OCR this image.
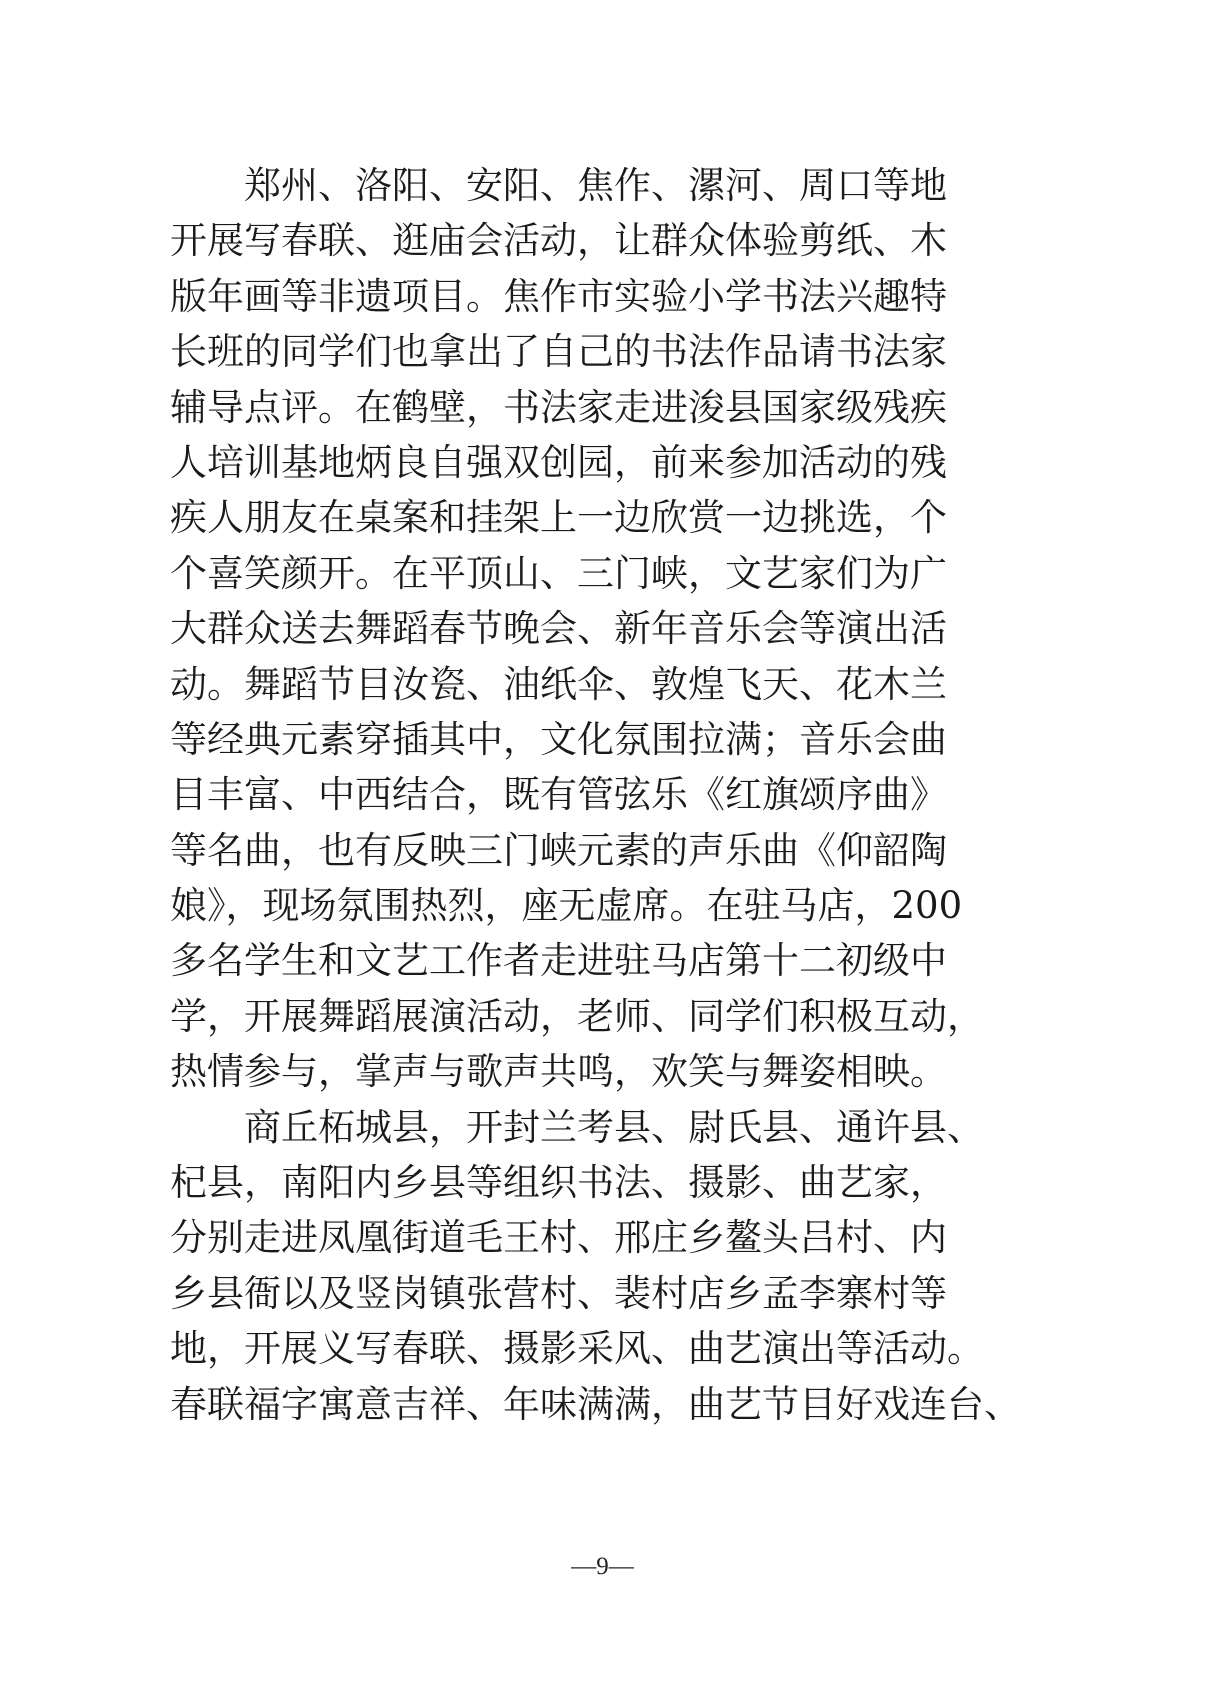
郑州、洛阳、安阳、焦作、漯河、周口等地
开展写春联、逛庙会活动，让群众体验剪纸、木
版年画等非遗项目。焦作市实验小学书法兴趣特
长班的同学们也拿出了自己的书法作品请书法家
辅导点评。在鹤壁，书法家走进浚县国家级残疾
人培训基地炳良自强双创园，前来参加活动的残
疾人朋友在桌案和挂架上一边欣赏一边挑选，个
个喜笑颜开。在平顶山、三门峡，文艺家们为广
大群众送去舞蹈春节晚会、新年音乐会等演出活
动。舞蹈节目汝瓷、油纸伞、敦煌飞天、花木兰
等经典元素穿插其中，文化氛围拉满；音乐会曲
目丰富、中西结合，既有管弦乐《红旗颂序曲》
等名曲，也有反映三门峡元素的声乐曲《仰韶陶
娘》，现场氛围热烈，座无虚席。在驻马店，200
多名学生和文艺工作者走进驻马店第十二初级中
学，开展舞蹈展演活动，老师、同学们积极互动，
热情参与，掌声与歌声共鸣，欢笑与舞姿相映。
商丘柘城县，开封兰考县、尉氏县、通许县、
杞县，南阳内乡县等组织书法、摄影、曲艺家，
分别走进凤凰街道毛王村、邢庄乡鳌头吕村、内
乡县衙以及竖岗镇张营村、裴村店乡孟李寨村等
地，开展义写春联、摄影采风、曲艺演出等活动。
春联福字寓意吉祥、年味满满，曲艺节目好戏连台、
—9—
